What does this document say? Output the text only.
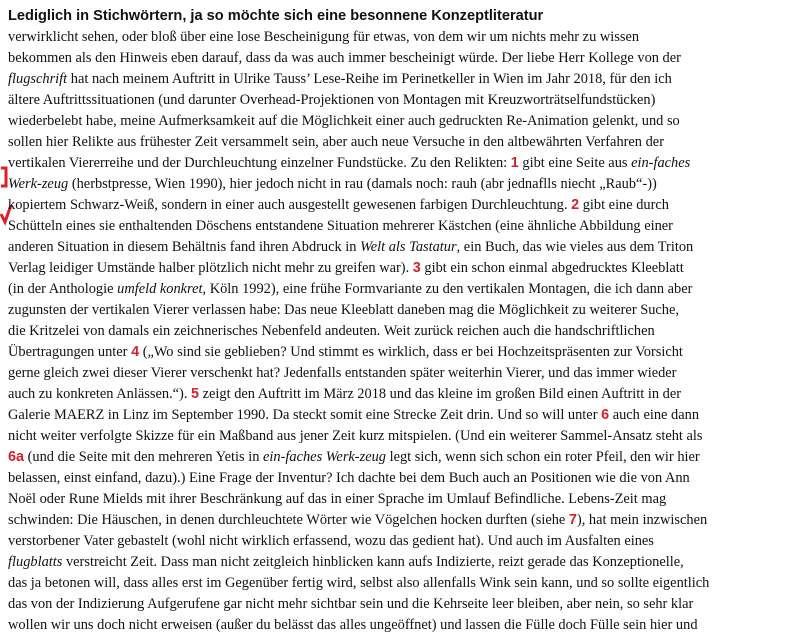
Lediglich in Stichwörtern, ja so möchte sich eine besonnene Konzeptliteratur
verwirklicht sehen, oder bloß über eine lose Bescheinigung für etwas, von dem wir um nichts mehr zu wissen
bekommen als den Hinweis eben darauf, dass da was auch immer bescheinigt würde. Der liebe Herr Kollege von der
flugschrift hat nach meinem Auftritt in Ulrike Tauss’ Lese-Reihe im Perinetkeller in Wien im Jahr 2018, für den ich
ältere Auftrittssituationen (und darunter Overhead-Projektionen von Montagen mit Kreuzworträtselfundstücken)
wiederbelebt habe, meine Aufmerksamkeit auf die Möglichkeit einer auch gedruckten Re-Animation gelenkt, und so
sollen hier Relikte aus frühester Zeit versammelt sein, aber auch neue Versuche in den altbewährten Verfahren der
vertikalen Viererreihe und der Durchleuchtung einzelner Fundstücke. Zu den Relikten: 1 gibt eine Seite aus ein-faches
Werk-zeug (herbstpresse, Wien 1990), hier jedoch nicht in rau (damals noch: rauh (abr jednaflls niecht „Raub“-))
kopiertem Schwarz-Weiß, sondern in einer auch ausgestellt gewesenen farbigen Durchleuchtung. 2 gibt eine durch
Schütteln eines sie enthaltenden Döschens entstandene Situation mehrerer Kästchen (eine ähnliche Abbildung einer
anderen Situation in diesem Behältnis fand ihren Abdruck in Welt als Tastatur, ein Buch, das wie vieles aus dem Triton
Verlag leidiger Umstände halber plötzlich nicht mehr zu greifen war). 3 gibt ein schon einmal abgedrucktes Kleeblatt
(in der Anthologie umfeld konkret, Köln 1992), eine frühe Formvariante zu den vertikalen Montagen, die ich dann aber
zugunsten der vertikalen Vierer verlassen habe: Das neue Kleeblatt daneben mag die Möglichkeit zu weiterer Suche,
die Kritzelei von damals ein zeichnerisches Nebenfeld andeuten. Weit zurück reichen auch die handschriftlichen
Übertragungen unter 4 („Wo sind sie geblieben? Und stimmt es wirklich, dass er bei Hochzeitspräsenten zur Vorsicht
gerne gleich zwei dieser Vierer verschenkt hat? Jedenfalls entstanden später weiterhin Vierer, und das immer wieder
auch zu konkreten Anlässen.“). 5 zeigt den Auftritt im März 2018 und das kleine im großen Bild einen Auftritt in der
Galerie MAERZ in Linz im September 1990. Da steckt somit eine Strecke Zeit drin. Und so will unter 6 auch eine dann
nicht weiter verfolgte Skizze für ein Maßband aus jener Zeit kurz mitspielen. (Und ein weiterer Sammel-Ansatz steht als
6a (und die Seite mit den mehreren Yetis in ein-faches Werk-zeug legt sich, wenn sich schon ein roter Pfeil, den wir hier
belassen, einst einfand, dazu).) Eine Frage der Inventur? Ich dachte bei dem Buch auch an Positionen wie die von Ann
Noël oder Rune Mields mit ihrer Beschränkung auf das in einer Sprache im Umlauf Befindliche. Lebens-Zeit mag
schwinden: Die Häuschen, in denen durchleuchtete Wörter wie Vögelchen hocken durften (siehe 7), hat mein inzwischen
verstorbener Vater gebastelt (wohl nicht wirklich erfassend, wozu das gedient hat). Und auch im Ausfalten eines
flugblatts verstreicht Zeit. Dass man nicht zeitgleich hinblicken kann aufs Indizierte, reizt gerade das Konzeptionelle,
das ja betonen will, dass alles erst im Gegenüber fertig wird, selbst also allenfalls Wink sein kann, und so sollte eigentlich
das von der Indizierung Aufgerufene gar nicht mehr sichtbar sein und die Kehrseite leer bleiben, aber nein, so sehr klar
wollen wir uns doch nicht erweisen (außer du belässt das alles ungeöffnet) und lassen die Fülle doch Fülle sein hier und
